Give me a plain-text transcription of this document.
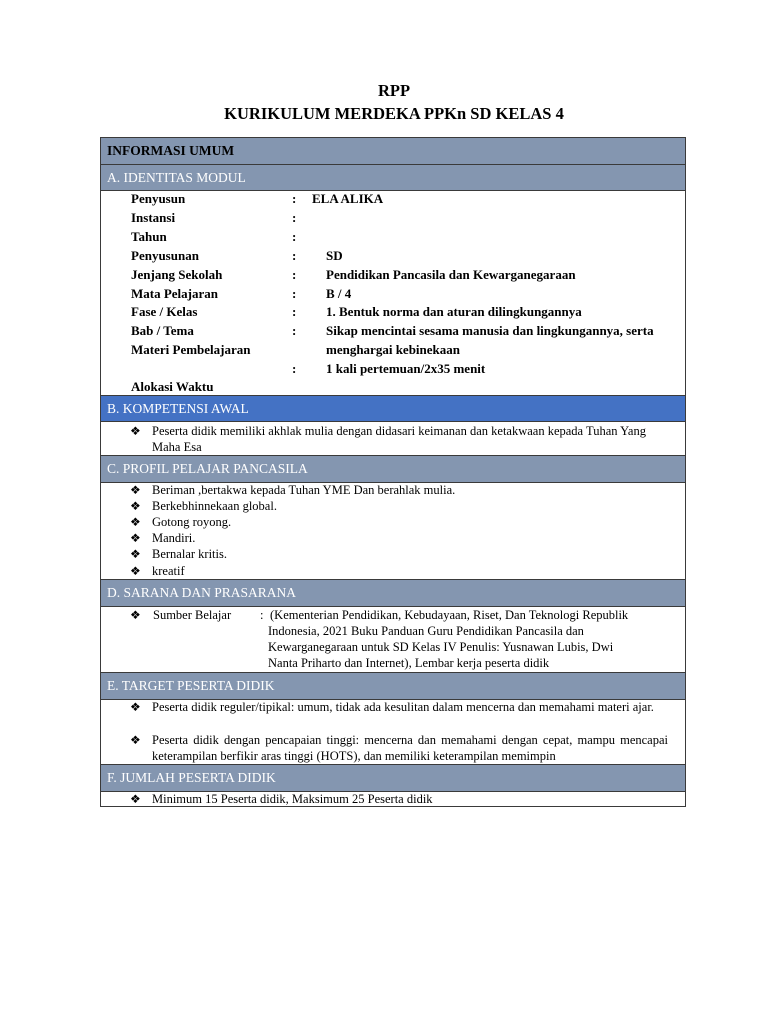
RPP
KURIKULUM MERDEKA PPKn SD KELAS 4
INFORMASI UMUM
A. IDENTITAS MODUL
Penyusun
Instansi
Tahun
Penyusunan
Jenjang Sekolah
Mata Pelajaran
Fase / Kelas
Bab / Tema
Materi Pembelajaran
Alokasi Waktu
:
:
:
:
:
:
:
:
:
ELA ALIKA
SD
Pendidikan Pancasila dan Kewarganegaraan
B / 4
1. Bentuk norma dan aturan dilingkungannya
Sikap mencintai sesama manusia dan lingkungannya, serta
menghargai kebinekaan
1 kali pertemuan/2x35 menit
B. KOMPETENSI AWAL
❖ Peserta didik memiliki akhlak mulia dengan didasari keimanan dan ketakwaan kepada Tuhan Yang Maha Esa
C. PROFIL PELAJAR PANCASILA
❖ Beriman ,bertakwa kepada Tuhan YME Dan berahlak mulia.
❖ Berkebhinnekaan global.
❖ Gotong royong.
❖ Mandiri.
❖ Bernalar kritis.
❖ kreatif
D. SARANA DAN PRASARANA
❖ Sumber Belajar : (Kementerian Pendidikan, Kebudayaan, Riset, Dan Teknologi Republik
Indonesia, 2021 Buku Panduan Guru Pendidikan Pancasila dan
Kewarganegaraan untuk SD Kelas IV Penulis: Yusnawan Lubis, Dwi
Nanta Priharto dan Internet), Lembar kerja peserta didik
E. TARGET PESERTA DIDIK
❖ Peserta didik reguler/tipikal: umum, tidak ada kesulitan dalam mencerna dan memahami materi ajar.
❖ Peserta didik dengan pencapaian tinggi: mencerna dan memahami dengan cepat, mampu mencapai keterampilan berfikir aras tinggi (HOTS), dan memiliki keterampilan memimpin
F. JUMLAH PESERTA DIDIK
❖ Minimum 15 Peserta didik, Maksimum 25 Peserta didik
